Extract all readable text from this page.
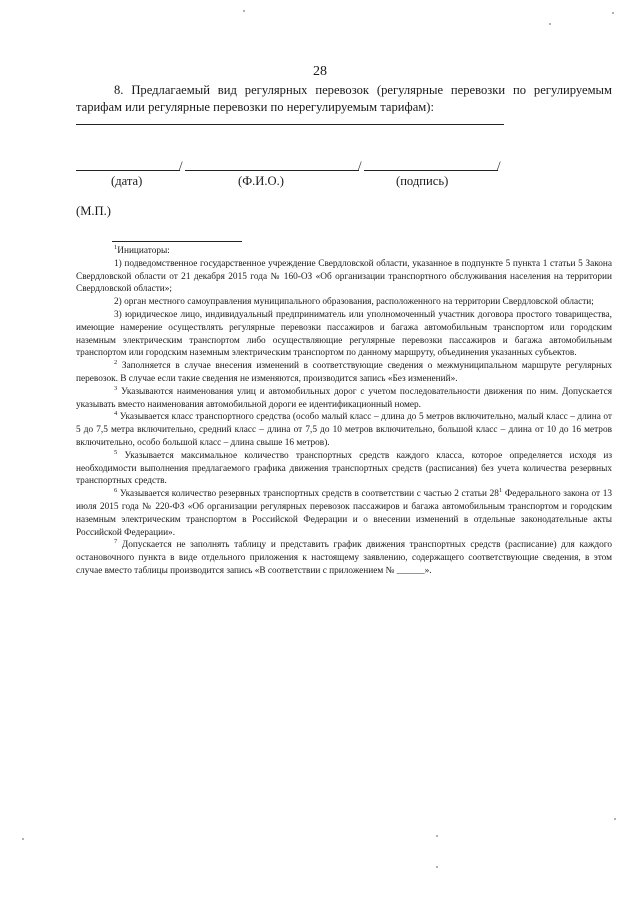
28
8. Предлагаемый вид регулярных перевозок (регулярные перевозки по регулируемым тарифам или регулярные перевозки по нерегулируемым тарифам):
/	/	/
(дата)	(Ф.И.О.)	(подпись)
(М.П.)

$^1$Инициаторы:

1) подведомственное государственное учреждение Свердловской области, указанное в подпункте 5 пункта 1 статьи 5 Закона Свердловской области от 21 декабря 2015 года № 160-ОЗ «Об организации транспортного обслуживания населения на территории Свердловской области»;

2) орган местного самоуправления муниципального образования, расположенного на территории Свердловской области;

3) юридическое лицо, индивидуальный предприниматель или уполномоченный участник договора простого товарищества, имеющие намерение осуществлять регулярные перевозки пассажиров и багажа автомобильным транспортом или городским наземным электрическим транспортом либо осуществляющие регулярные перевозки пассажиров и багажа автомобильным транспортом или городским наземным электрическим транспортом по данному маршруту, объединения указанных субъектов.

$^2$ Заполняется в случае внесения изменений в соответствующие сведения о межмуниципальном маршруте регулярных перевозок. В случае если такие сведения не изменяются, производится запись «Без изменений».

$^3$ Указываются наименования улиц и автомобильных дорог с учетом последовательности движения по ним. Допускается указывать вместо наименования автомобильной дороги ее идентификационный номер.

$^4$ Указывается класс транспортного средства (особо малый класс – длина до 5 метров включительно, малый класс – длина от 5 до 7,5 метра включительно, средний класс – длина от 7,5 до 10 метров включительно, большой класс – длина от 10 до 16 метров включительно, особо большой класс – длина свыше 16 метров).

$^5$ Указывается максимальное количество транспортных средств каждого класса, которое определяется исходя из необходимости выполнения предлагаемого графика движения транспортных средств (расписания) без учета количества резервных транспортных средств.

$^6$ Указывается количество резервных транспортных средств в соответствии с частью 2 статьи $28^1$ Федерального закона от 13 июля 2015 года № 220-ФЗ «Об организации регулярных перевозок пассажиров и багажа автомобильным транспортом и городским наземным электрическим транспортом в Российской Федерации и о внесении изменений в отдельные законодательные акты Российской Федерации».

$^7$ Допускается не заполнять таблицу и представить график движения транспортных средств (расписание) для каждого остановочного пункта в виде отдельного приложения к настоящему заявлению, содержащего соответствующие сведения, в этом случае вместо таблицы производится запись «В соответствии с приложением № ______».
